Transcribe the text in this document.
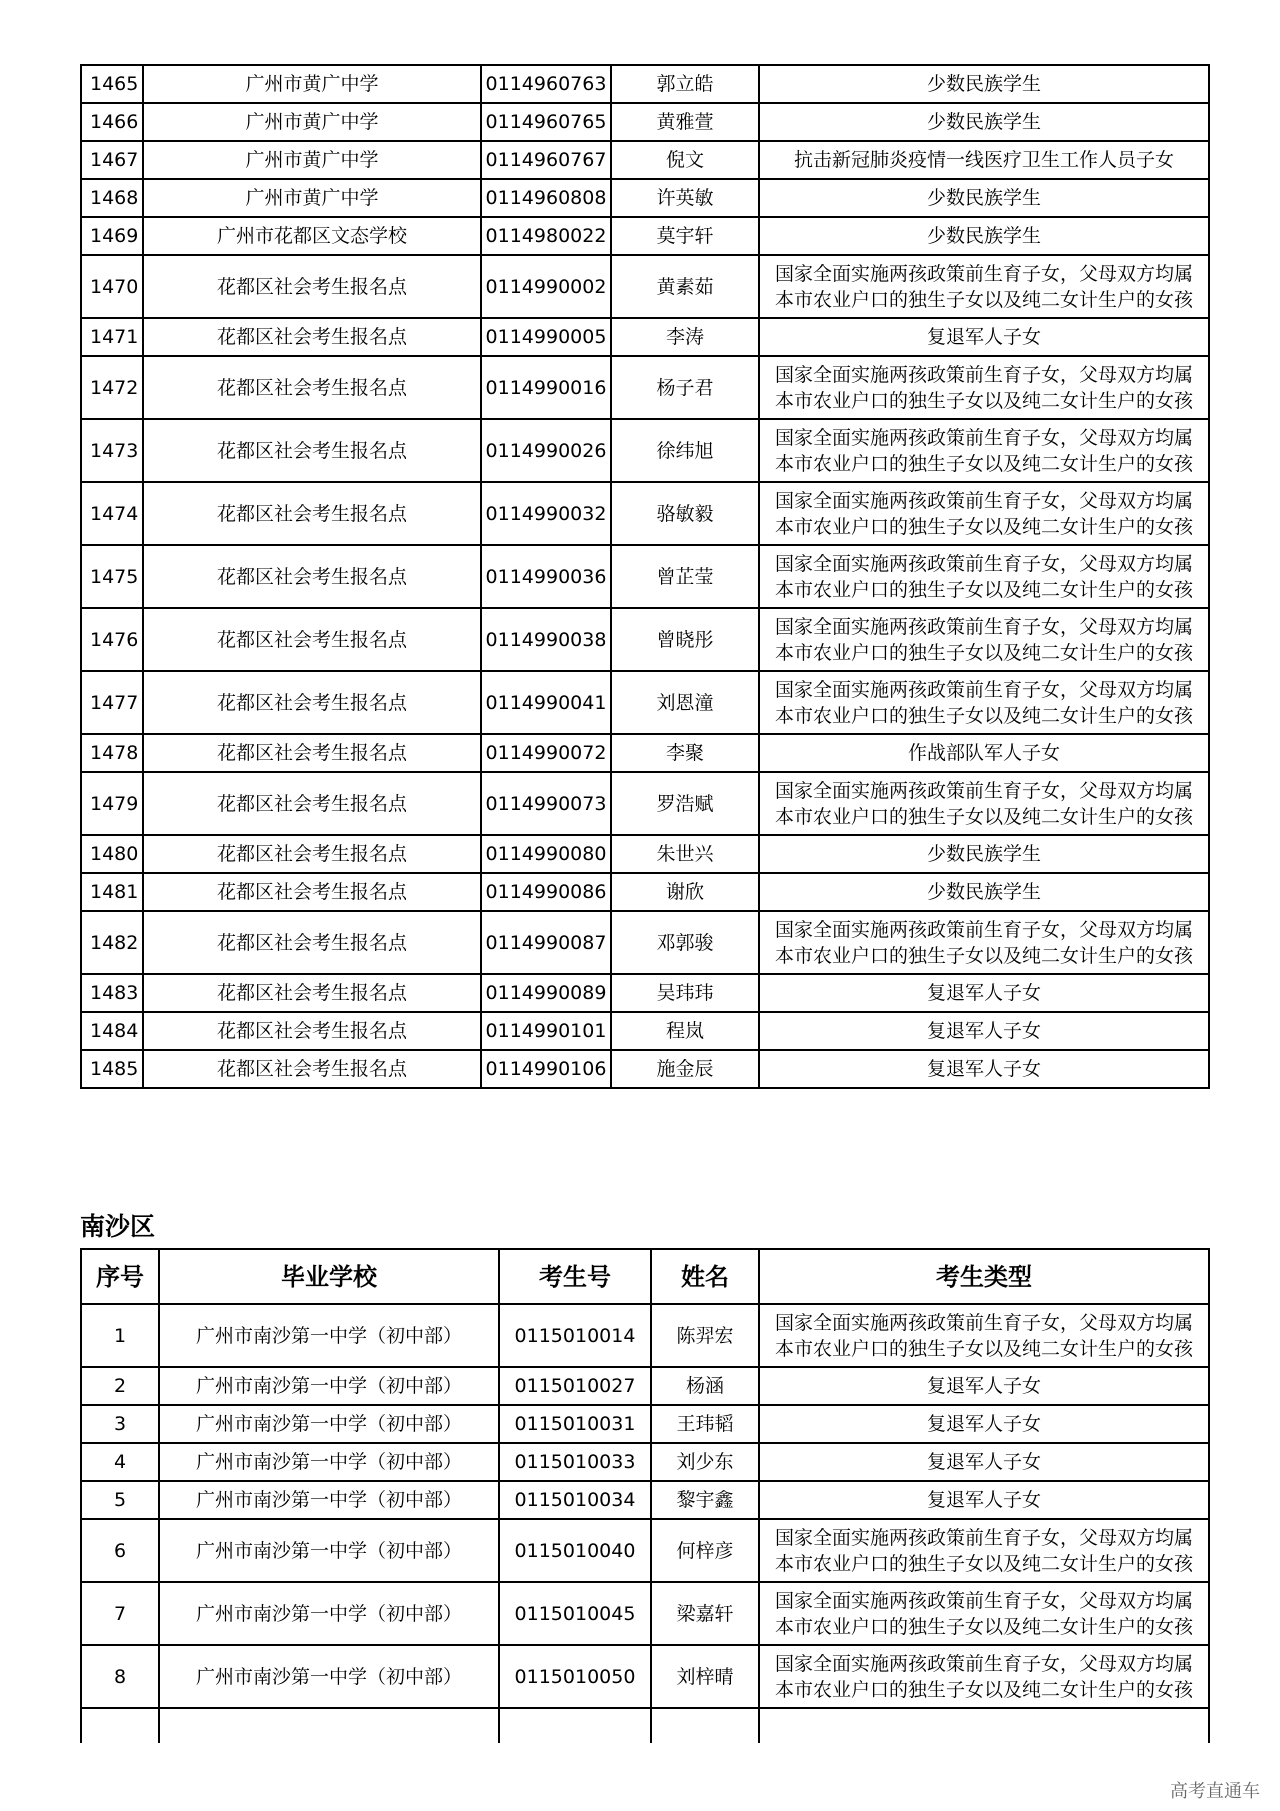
1465	广州市黄广中学	0114960763	郭立皓	少数民族学生

1466	广州市黄广中学	0114960765	黄雅萱	少数民族学生

1467	广州市黄广中学	0114960767	倪文	抗击新冠肺炎疫情一线医疗卫生工作人员子女

1468	广州市黄广中学	0114960808	许英敏	少数民族学生

1469	广州市花都区文态学校	0114980022	莫宇轩	少数民族学生

1470	花都区社会考生报名点	0114990002	黄素茹	国家全面实施两孩政策前生育子女，父母双方均属
本市农业户口的独生子女以及纯二女计生户的女孩

1471	花都区社会考生报名点	0114990005	李涛	复退军人子女

1472	花都区社会考生报名点	0114990016	杨子君	国家全面实施两孩政策前生育子女，父母双方均属
本市农业户口的独生子女以及纯二女计生户的女孩

1473	花都区社会考生报名点	0114990026	徐纬旭	国家全面实施两孩政策前生育子女，父母双方均属
本市农业户口的独生子女以及纯二女计生户的女孩

1474	花都区社会考生报名点	0114990032	骆敏毅	国家全面实施两孩政策前生育子女，父母双方均属
本市农业户口的独生子女以及纯二女计生户的女孩

1475	花都区社会考生报名点	0114990036	曾芷莹	国家全面实施两孩政策前生育子女，父母双方均属
本市农业户口的独生子女以及纯二女计生户的女孩

1476	花都区社会考生报名点	0114990038	曾晓彤	国家全面实施两孩政策前生育子女，父母双方均属
本市农业户口的独生子女以及纯二女计生户的女孩

1477	花都区社会考生报名点	0114990041	刘恩潼	国家全面实施两孩政策前生育子女，父母双方均属
本市农业户口的独生子女以及纯二女计生户的女孩

1478	花都区社会考生报名点	0114990072	李聚	作战部队军人子女

1479	花都区社会考生报名点	0114990073	罗浩赋	国家全面实施两孩政策前生育子女，父母双方均属
本市农业户口的独生子女以及纯二女计生户的女孩

1480	花都区社会考生报名点	0114990080	朱世兴	少数民族学生

1481	花都区社会考生报名点	0114990086	谢欣	少数民族学生

1482	花都区社会考生报名点	0114990087	邓郭骏	国家全面实施两孩政策前生育子女，父母双方均属
本市农业户口的独生子女以及纯二女计生户的女孩

1483	花都区社会考生报名点	0114990089	吴玮玮	复退军人子女

1484	花都区社会考生报名点	0114990101	程岚	复退军人子女

1485	花都区社会考生报名点	0114990106	施金辰	复退军人子女
南沙区
序号	毕业学校	考生号	姓名	考生类型
1	广州市南沙第一中学（初中部）	0115010014	陈羿宏	国家全面实施两孩政策前生育子女，父母双方均属
本市农业户口的独生子女以及纯二女计生户的女孩

2	广州市南沙第一中学（初中部）	0115010027	杨涵	复退军人子女

3	广州市南沙第一中学（初中部）	0115010031	王玮韬	复退军人子女

4	广州市南沙第一中学（初中部）	0115010033	刘少东	复退军人子女

5	广州市南沙第一中学（初中部）	0115010034	黎宇鑫	复退军人子女

6	广州市南沙第一中学（初中部）	0115010040	何梓彦	国家全面实施两孩政策前生育子女，父母双方均属
本市农业户口的独生子女以及纯二女计生户的女孩

7	广州市南沙第一中学（初中部）	0115010045	梁嘉轩	国家全面实施两孩政策前生育子女，父母双方均属
本市农业户口的独生子女以及纯二女计生户的女孩

8	广州市南沙第一中学（初中部）	0115010050	刘梓晴	国家全面实施两孩政策前生育子女，父母双方均属
本市农业户口的独生子女以及纯二女计生户的女孩

高考直通车
